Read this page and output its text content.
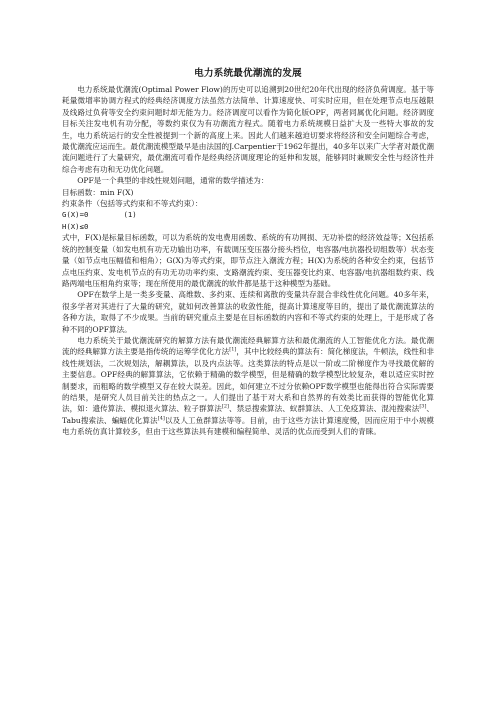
电力系统最优潮流的发展

电力系统最优潮流(Optimal Power Flow)的历史可以追溯到20世纪20年代出现的经济负荷调度。基于等耗量微增率协调方程式的经典经济调度方法虽然方法简单、计算速度快、可实时应用，但在处理节点电压越限及线路过负荷等安全约束问题时却无能为力。经济调度可以看作为简化版OPF，两者同属优化问题。经济调度目标关注发电机有功分配，等数约束仅为有功潮流方程式。随着电力系统规模日益扩大及一些特大事故的发生，电力系统运行的安全性被提到一个新的高度上来。因此人们越来越迫切要求将经济和安全问题综合考虑，最优潮流应运而生。最优潮流模型最早是由法国的J.Carpentier于1962年提出，40多年以来广大学者对最优潮流问题进行了大量研究，最优潮流可看作是经典经济调度理论的延伸和发展，能够同时兼顾安全性与经济性并综合考虑有功和无功优化问题。

OPF是一个典型的非线性规划问题，通常的数学描述为：

目标函数：min F(X)

约束条件（包括等式约束和不等式约束）：

G(X)=0        (1)

H(X)≤0

式中，F(X)是标量目标函数，可以为系统的发电费用函数、系统的有功网损、无功补偿的经济效益等；X包括系统的控制变量（如发电机有功无功输出功率，有载调压变压器分接头档位，电容器/电抗器投切组数等）状态变量（如节点电压幅值和相角）；G(X)为等式约束，即节点注入潮流方程；H(X)为系统的各种安全约束，包括节点电压约束、发电机节点的有功无功功率约束、支路潮流约束、变压器变比约束、电容器/电抗器组数约束、线路两端电压相角约束等；现在所使用的最优潮流的软件都是基于这种模型为基础。

OPF在数学上是一类多变量、高维数、多约束、连续和离散的变量共存混合非线性优化问题。40多年来，很多学者对其进行了大量的研究，就如何改善算法的收敛性能，提高计算速度等目的，提出了最优潮流算法的各种方法，取得了不少成果。当前的研究重点主要是在目标函数的内容和不等式约束的处理上，于是形成了各种不同的OPF算法。

电力系统关于最优潮流研究的解算方法有最优潮流经典解算方法和最优潮流的人工智能优化方法。最优潮流的经典解算方法主要是指传统的运筹学优化方法[1]，其中比较经典的算法有：简化梯度法，牛顿法，线性和非线性规划法，二次规划法，解耦算法，以及内点法等。这类算法的特点是以一阶或二阶梯度作为寻找最优解的主要信息。OPF经典的解算算法，它依赖于精确的数学模型，但是精确的数学模型比较复杂，难以适应实时控制要求，而粗略的数学模型又存在较大误差。因此，如何建立不过分依赖OPF数学模型也能得出符合实际需要的结果，是研究人员目前关注的热点之一。人们提出了基于对大系和自然界的有效类比而获得的智能优化算法，如：遗传算法、模拟退火算法、粒子群算法[2]、禁忌搜索算法、蚁群算法、人工免疫算法、混沌搜索法[3]、Tabu搜索法、蝙蝠优化算法[4]以及人工鱼群算法等等。目前，由于这些方法计算速度慢，因而应用于中小规模电力系统仿真计算较多，但由于这些算法具有建模和编程简单、灵活的优点而受到人们的青睐。
